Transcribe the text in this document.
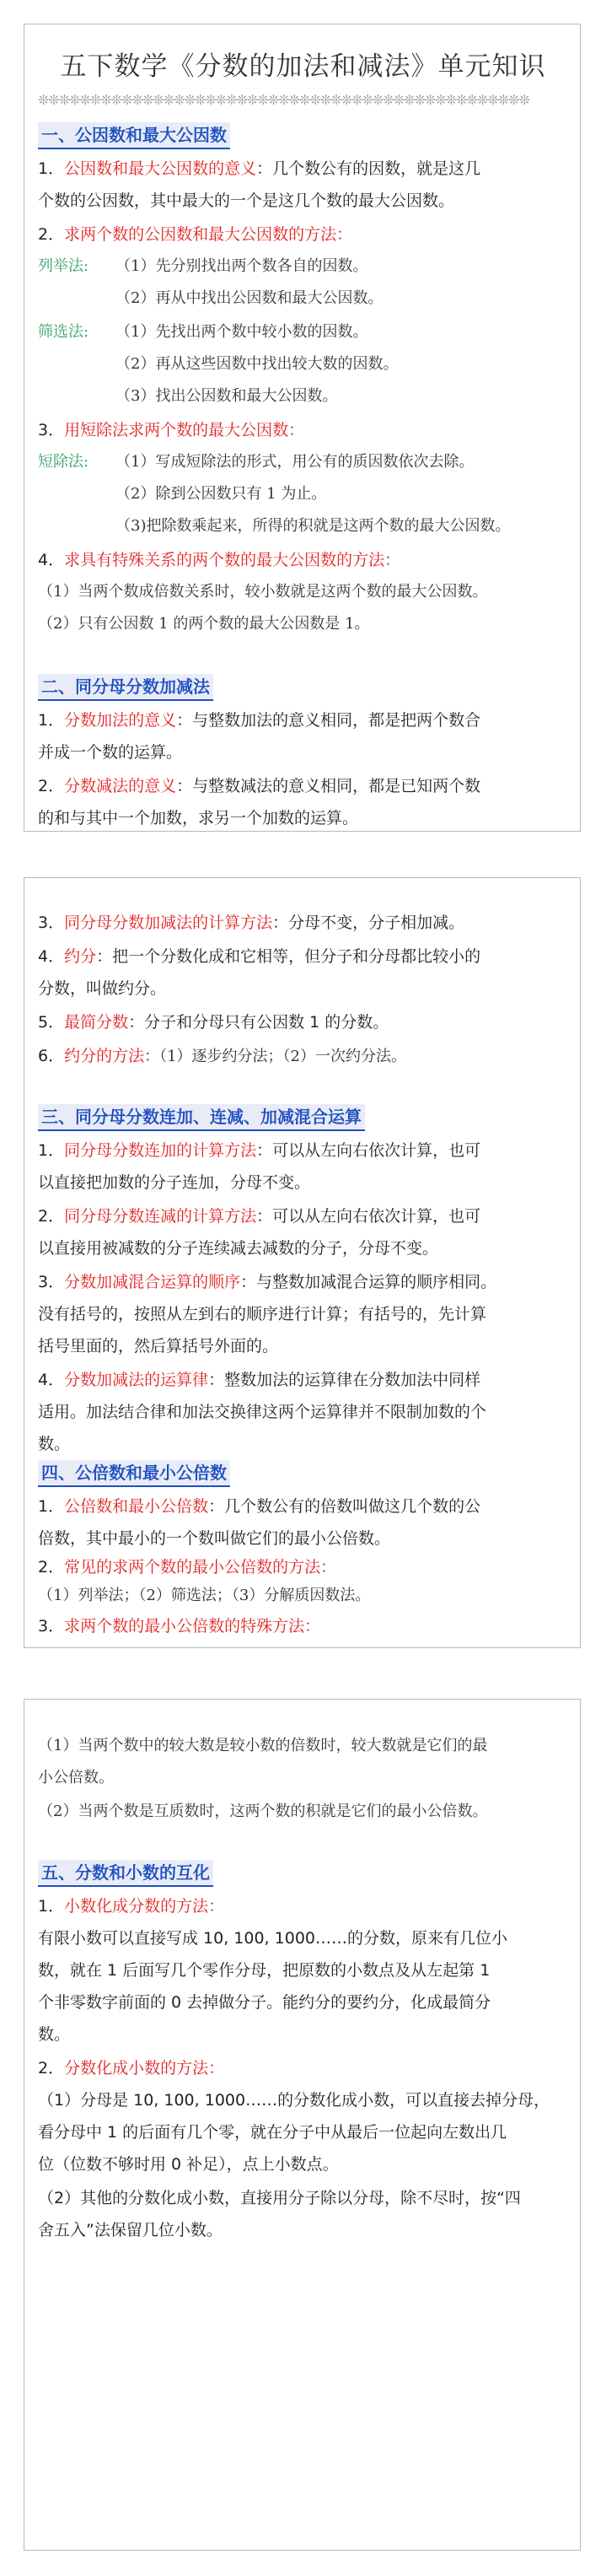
五下数学《分数的加法和减法》单元知识
❊❊❊❊❊❊❊❊❊❊❊❊❊❊❊❊❊❊❊❊❊❊❊❊❊❊❊❊❊❊❊❊❊❊❊❊❊❊❊❊❊❊❊❊❊❊❊
一、公因数和最大公因数
1．公因数和最大公因数的意义：几个数公有的因数，就是这几
个数的公因数，其中最大的一个是这几个数的最大公因数。
2．求两个数的公因数和最大公因数的方法：
列举法: （1）先分别找出两个数各自的因数。
（2）再从中找出公因数和最大公因数。
筛选法: （1）先找出两个数中较小数的因数。
（2）再从这些因数中找出较大数的因数。
（3）找出公因数和最大公因数。
3．用短除法求两个数的最大公因数：
短除法: （1）写成短除法的形式，用公有的质因数依次去除。
（2）除到公因数只有 1 为止。
（3)把除数乘起来，所得的积就是这两个数的最大公因数。
4．求具有特殊关系的两个数的最大公因数的方法：
（1）当两个数成倍数关系时，较小数就是这两个数的最大公因数。
（2）只有公因数 1 的两个数的最大公因数是 1。
二、同分母分数加减法
1．分数加法的意义：与整数加法的意义相同，都是把两个数合
并成一个数的运算。
2．分数减法的意义：与整数减法的意义相同，都是已知两个数
的和与其中一个加数，求另一个加数的运算。
3．同分母分数加减法的计算方法：分母不变，分子相加减。
4．约分：把一个分数化成和它相等，但分子和分母都比较小的
分数，叫做约分。
5．最简分数：分子和分母只有公因数 1 的分数。
6．约分的方法：（1）逐步约分法；（2）一次约分法。
三、同分母分数连加、连减、加减混合运算
1．同分母分数连加的计算方法：可以从左向右依次计算，也可
以直接把加数的分子连加，分母不变。
2．同分母分数连减的计算方法：可以从左向右依次计算，也可
以直接用被减数的分子连续减去减数的分子，分母不变。
3．分数加减混合运算的顺序：与整数加减混合运算的顺序相同。
没有括号的，按照从左到右的顺序进行计算；有括号的，先计算
括号里面的，然后算括号外面的。
4．分数加减法的运算律：整数加法的运算律在分数加法中同样
适用。加法结合律和加法交换律这两个运算律并不限制加数的个
数。
四、公倍数和最小公倍数
1．公倍数和最小公倍数：几个数公有的倍数叫做这几个数的公
倍数，其中最小的一个数叫做它们的最小公倍数。
2．常见的求两个数的最小公倍数的方法：
（1）列举法；（2）筛选法；（3）分解质因数法。
3．求两个数的最小公倍数的特殊方法：
（1）当两个数中的较大数是较小数的倍数时，较大数就是它们的最
小公倍数。
（2）当两个数是互质数时，这两个数的积就是它们的最小公倍数。
五、分数和小数的互化
1．小数化成分数的方法：
有限小数可以直接写成 10, 100, 1000……的分数，原来有几位小
数，就在 1 后面写几个零作分母，把原数的小数点及从左起第 1
个非零数字前面的 0 去掉做分子。能约分的要约分，化成最简分
数。
2．分数化成小数的方法：
（1）分母是 10, 100, 1000……的分数化成小数，可以直接去掉分母，
看分母中 1 的后面有几个零，就在分子中从最后一位起向左数出几
位（位数不够时用 0 补足），点上小数点。
（2）其他的分数化成小数，直接用分子除以分母，除不尽时，按“四
舍五入”法保留几位小数。
